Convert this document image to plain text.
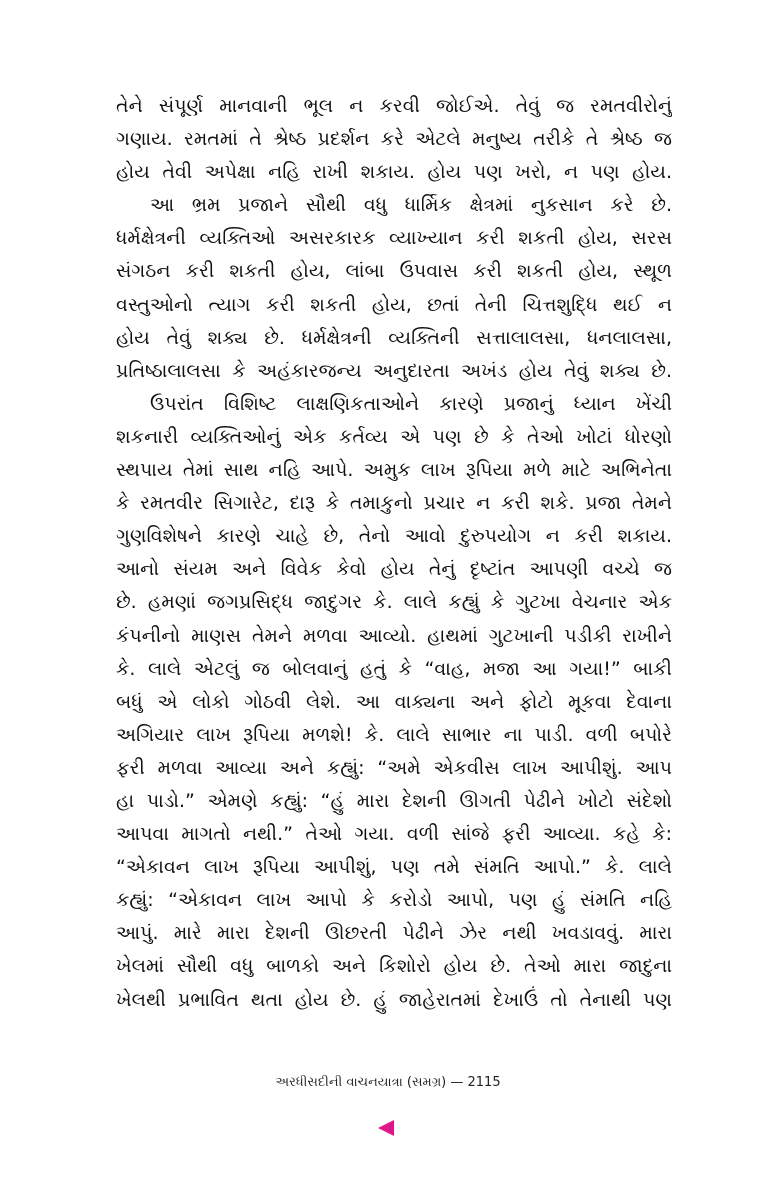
તેને સંપૂર્ણ માનવાની ભૂલ ન કરવી જોઈએ. તેવું જ રમતવીરોનું
ગણાય. રમતમાં તે શ્રેષ્ઠ પ્રદર્શન કરે એટલે મનુષ્ય તરીકે તે શ્રેષ્ઠ જ
હોય તેવી અપેક્ષા નહિ રાખી શકાય. હોય પણ ખરો, ન પણ હોય.
આ ભ્રમ પ્રજાને સૌથી વધુ ધાર્મિક ક્ષેત્રમાં નુકસાન કરે છે.
ધર્મક્ષેત્રની વ્યક્તિઓ અસરકારક વ્યાખ્યાન કરી શકતી હોય, સરસ
સંગઠન કરી શકતી હોય, લાંબા ઉપવાસ કરી શકતી હોય, સ્થૂળ
વસ્તુઓનો ત્યાગ કરી શકતી હોય, છતાં તેની ચિત્તશુદ્ધિ થઈ ન
હોય તેવું શક્ય છે. ધર્મક્ષેત્રની વ્યક્તિની સત્તાલાલસા, ધનલાલસા,
પ્રતિષ્ઠાલાલસા કે અહંકારજન્ય અનુદારતા અખંડ હોય તેવું શક્ય છે.
ઉપરાંત વિશિષ્ટ લાક્ષણિકતાઓને કારણે પ્રજાનું ધ્યાન ખેંચી
શકનારી વ્યક્તિઓનું એક કર્તવ્ય એ પણ છે કે તેઓ ખોટાં ધોરણો
સ્થપાય તેમાં સાથ નહિ આપે. અમુક લાખ રૂપિયા મળે માટે અભિનેતા
કે રમતવીર સિગારેટ, દારૂ કે તમાકુનો પ્રચાર ન કરી શકે. પ્રજા તેમને
ગુણવિશેષને કારણે ચાહે છે, તેનો આવો દુરુપયોગ ન કરી શકાય.
આનો સંયમ અને વિવેક કેવો હોય તેનું દૃષ્ટાંત આપણી વચ્ચે જ
છે. હમણાં જગપ્રસિદ્ધ જાદુગર કે. લાલે કહ્યું કે ગુટખા વેચનાર એક
કંપનીનો માણસ તેમને મળવા આવ્યો. હાથમાં ગુટખાની પડીકી રાખીને
કે. લાલે એટલું જ બોલવાનું હતું કે “વાહ, મજા આ ગયા!” બાકી
બધું એ લોકો ગોઠવી લેશે. આ વાક્યના અને ફોટો મૂકવા દેવાના
અગિયાર લાખ રૂપિયા મળશે! કે. લાલે સાભાર ના પાડી. વળી બપોરે
ફરી મળવા આવ્યા અને કહ્યું: “અમે એકવીસ લાખ આપીશું. આપ
હા પાડો.” એમણે કહ્યું: “હું મારા દેશની ઊગતી પેઢીને ખોટો સંદેશો
આપવા માગતો નથી.” તેઓ ગયા. વળી સાંજે ફરી આવ્યા. કહે કે:
“એકાવન લાખ રૂપિયા આપીશું, પણ તમે સંમતિ આપો.” કે. લાલે
કહ્યું: “એકાવન લાખ આપો કે કરોડો આપો, પણ હું સંમતિ નહિ
આપું. મારે મારા દેશની ઊછરતી પેઢીને ઝેર નથી ખવડાવવું. મારા
ખેલમાં સૌથી વધુ બાળકો અને કિશોરો હોય છે. તેઓ મારા જાદુના
ખેલથી પ્રભાવિત થતા હોય છે. હું જાહેરાતમાં દેખાઉં તો તેનાથી પણ
અરધીસદીની વાચનયાત્રા (સમગ્ર) — 2115
